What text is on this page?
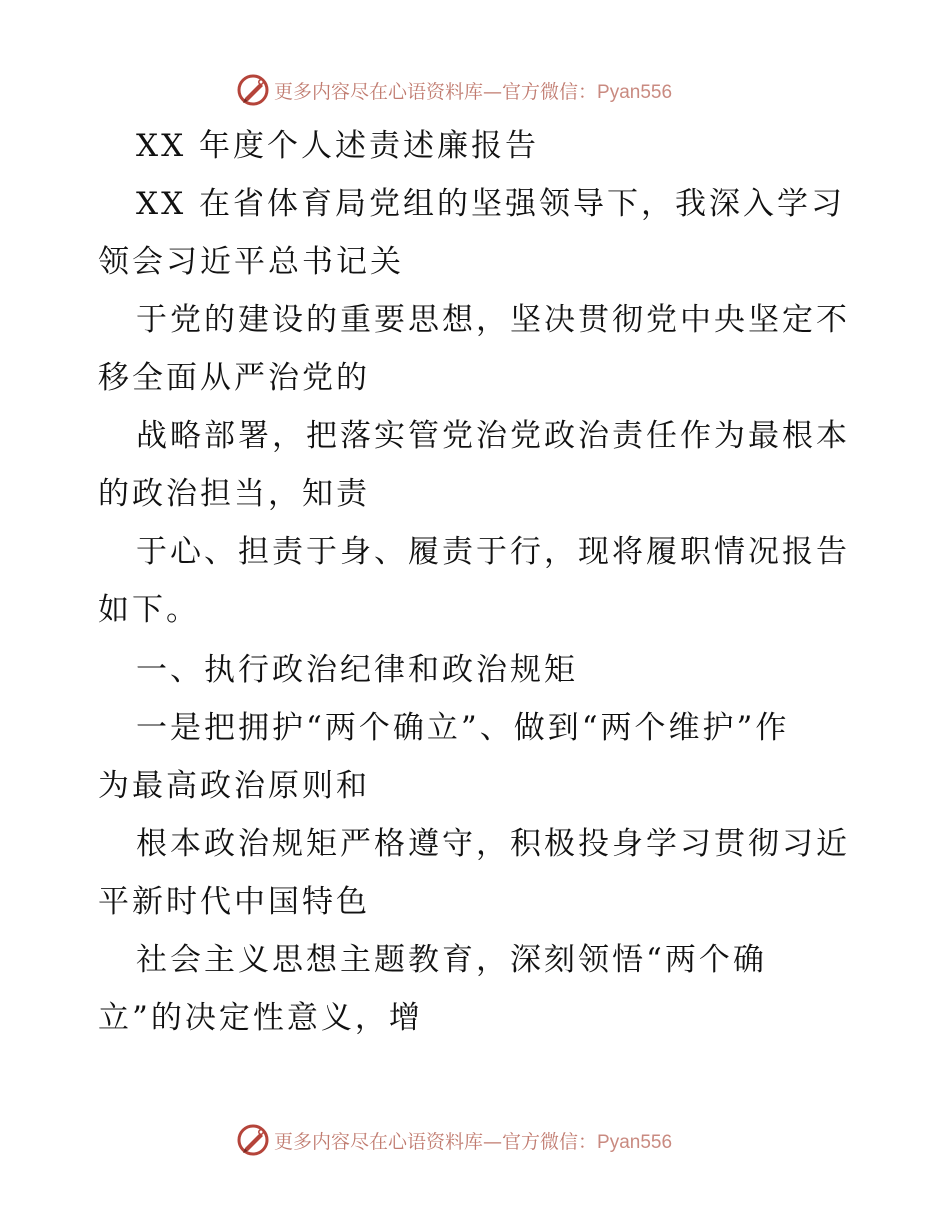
更多内容尽在心语资料库—官方微信：Pyan556
XX 年度个人述责述廉报告
XX 在省体育局党组的坚强领导下，我深入学习
领会习近平总书记关
于党的建设的重要思想，坚决贯彻党中央坚定不
移全面从严治党的
战略部署，把落实管党治党政治责任作为最根本
的政治担当，知责
于心、担责于身、履责于行，现将履职情况报告
如下。
一、执行政治纪律和政治规矩
一是把拥护“两个确立”、做到“两个维护”作
为最高政治原则和
根本政治规矩严格遵守，积极投身学习贯彻习近
平新时代中国特色
社会主义思想主题教育，深刻领悟“两个确
立”的决定性意义，增
更多内容尽在心语资料库—官方微信：Pyan556
